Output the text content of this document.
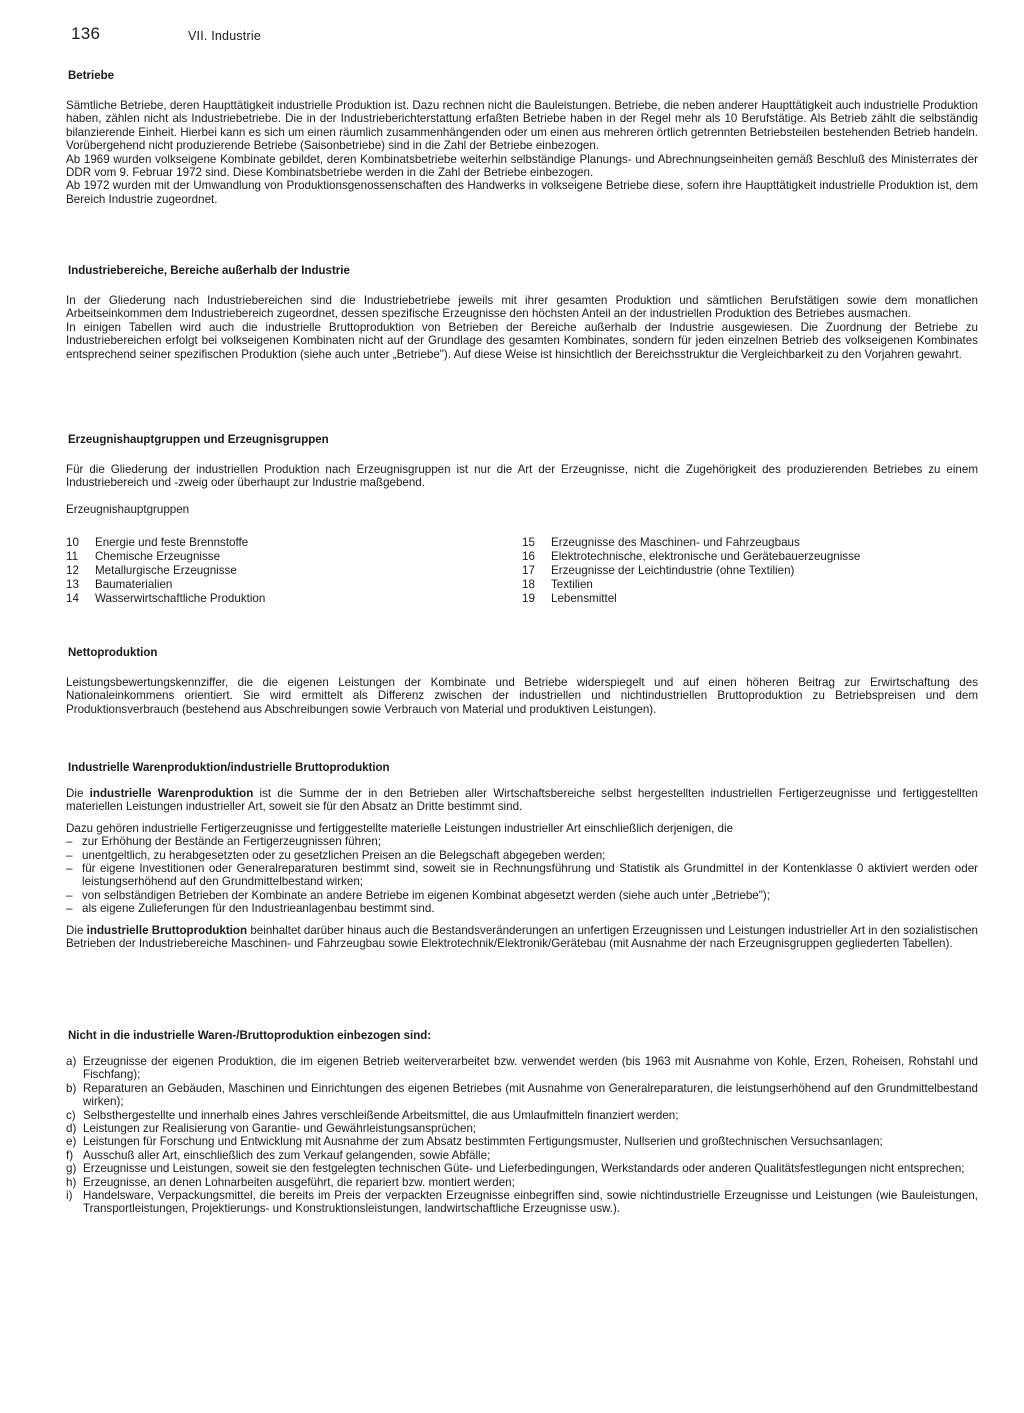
136	VII. Industrie
Betriebe

Sämtliche Betriebe, deren Haupttätigkeit industrielle Produktion ist. Dazu rechnen nicht die Bauleistungen. Betriebe, die neben anderer Haupttätigkeit auch industrielle Produktion haben, zählen nicht als Industriebetriebe. Die in der Industrieberichterstattung erfaßten Betriebe haben in der Regel mehr als 10 Berufstätige. Als Betrieb zählt die selbständig bilanzierende Einheit. Hierbei kann es sich um einen räumlich zusammenhängenden oder um einen aus mehreren örtlich getrennten Betriebsteilen bestehenden Betrieb handeln. Vorübergehend nicht produzierende Betriebe (Saisonbetriebe) sind in die Zahl der Betriebe einbezogen.

Ab 1969 wurden volkseigene Kombinate gebildet, deren Kombinatsbetriebe weiterhin selbständige Planungs- und Abrechnungseinheiten gemäß Beschluß des Ministerrates der DDR vom 9. Februar 1972 sind. Diese Kombinatsbetriebe werden in die Zahl der Betriebe einbezogen.

Ab 1972 wurden mit der Umwandlung von Produktionsgenossenschaften des Handwerks in volkseigene Betriebe diese, sofern ihre Haupttätigkeit industrielle Produktion ist, dem Bereich Industrie zugeordnet.

Industriebereiche, Bereiche außerhalb der Industrie

In der Gliederung nach Industriebereichen sind die Industriebetriebe jeweils mit ihrer gesamten Produktion und sämtlichen Berufstätigen sowie dem monatlichen Arbeitseinkommen dem Industriebereich zugeordnet, dessen spezifische Erzeugnisse den höchsten Anteil an der industriellen Produktion des Betriebes ausmachen.

In einigen Tabellen wird auch die industrielle Bruttoproduktion von Betrieben der Bereiche außerhalb der Industrie ausgewiesen. Die Zuordnung der Betriebe zu Industriebereichen erfolgt bei volkseigenen Kombinaten nicht auf der Grundlage des gesamten Kombinates, sondern für jeden einzelnen Betrieb des volkseigenen Kombinates entsprechend seiner spezifischen Produktion (siehe auch unter „Betriebe"). Auf diese Weise ist hinsichtlich der Bereichsstruktur die Vergleichbarkeit zu den Vorjahren gewahrt.

Erzeugnishauptgruppen und Erzeugnisgruppen

Für die Gliederung der industriellen Produktion nach Erzeugnisgruppen ist nur die Art der Erzeugnisse, nicht die Zugehörigkeit des produzierenden Betriebes zu einem Industriebereich und -zweig oder überhaupt zur Industrie maßgebend.

Erzeugnishauptgruppen
10	Energie und feste Brennstoffe
11	Chemische Erzeugnisse
12	Metallurgische Erzeugnisse
13	Baumaterialien
14	Wasserwirtschaftliche Produktion
15	Erzeugnisse des Maschinen- und Fahrzeugbaus
16	Elektrotechnische, elektronische und Gerätebauerzeugnisse
17	Erzeugnisse der Leichtindustrie (ohne Textilien)
18	Textilien
19	Lebensmittel
Nettoproduktion

Leistungsbewertungskennziffer, die die eigenen Leistungen der Kombinate und Betriebe widerspiegelt und auf einen höheren Beitrag zur Erwirtschaftung des Nationaleinkommens orientiert. Sie wird ermittelt als Differenz zwischen der industriellen und nichtindustriellen Bruttoproduktion zu Betriebspreisen und dem Produktionsverbrauch (bestehend aus Abschreibungen sowie Verbrauch von Material und produktiven Leistungen).

Industrielle Warenproduktion/industrielle Bruttoproduktion

Die industrielle Warenproduktion ist die Summe der in den Betrieben aller Wirtschaftsbereiche selbst hergestellten industriellen Fertigerzeugnisse und fertiggestellten materiellen Leistungen industrieller Art, soweit sie für den Absatz an Dritte bestimmt sind.

Dazu gehören industrielle Fertigerzeugnisse und fertiggestellte materielle Leistungen industrieller Art einschließlich derjenigen, die

– zur Erhöhung der Bestände an Fertigerzeugnissen führen;
– unentgeltlich, zu herabgesetzten oder zu gesetzlichen Preisen an die Belegschaft abgegeben werden;
– für eigene Investitionen oder Generalreparaturen bestimmt sind, soweit sie in Rechnungsführung und Statistik als Grundmittel in der Kontenklasse 0 aktiviert werden oder leistungserhöhend auf den Grundmittelbestand wirken;
– von selbständigen Betrieben der Kombinate an andere Betriebe im eigenen Kombinat abgesetzt werden (siehe auch unter „Betriebe");
– als eigene Zulieferungen für den Industrieanlagenbau bestimmt sind.

Die industrielle Bruttoproduktion beinhaltet darüber hinaus auch die Bestandsveränderungen an unfertigen Erzeugnissen und Leistungen industrieller Art in den sozialistischen Betrieben der Industriebereiche Maschinen- und Fahrzeugbau sowie Elektrotechnik/Elektronik/Gerätebau (mit Ausnahme der nach Erzeugnisgruppen gegliederten Tabellen).

Nicht in die industrielle Waren-/Bruttoproduktion einbezogen sind:
a) Erzeugnisse der eigenen Produktion, die im eigenen Betrieb weiterverarbeitet bzw. verwendet werden (bis 1963 mit Ausnahme von Kohle, Erzen, Roheisen, Rohstahl und Fischfang);
b) Reparaturen an Gebäuden, Maschinen und Einrichtungen des eigenen Betriebes (mit Ausnahme von Generalreparaturen, die leistungserhöhend auf den Grundmittelbestand wirken);
c) Selbsthergestellte und innerhalb eines Jahres verschleißende Arbeitsmittel, die aus Umlaufmitteln finanziert werden;
d) Leistungen zur Realisierung von Garantie- und Gewährleistungsansprüchen;
e) Leistungen für Forschung und Entwicklung mit Ausnahme der zum Absatz bestimmten Fertigungsmuster, Nullserien und großtechnischen Versuchsanlagen;
f) Ausschuß aller Art, einschließlich des zum Verkauf gelangenden, sowie Abfälle;
g) Erzeugnisse und Leistungen, soweit sie den festgelegten technischen Güte- und Lieferbedingungen, Werkstandards oder anderen Qualitätsfestlegungen nicht entsprechen;
h) Erzeugnisse, an denen Lohnarbeiten ausgeführt, die repariert bzw. montiert werden;
i) Handelsware, Verpackungsmittel, die bereits im Preis der verpackten Erzeugnisse einbegriffen sind, sowie nichtindustrielle Erzeugnisse und Leistungen (wie Bauleistungen, Transportleistungen, Projektierungs- und Konstruktionsleistungen, landwirtschaftliche Erzeugnisse usw.).
